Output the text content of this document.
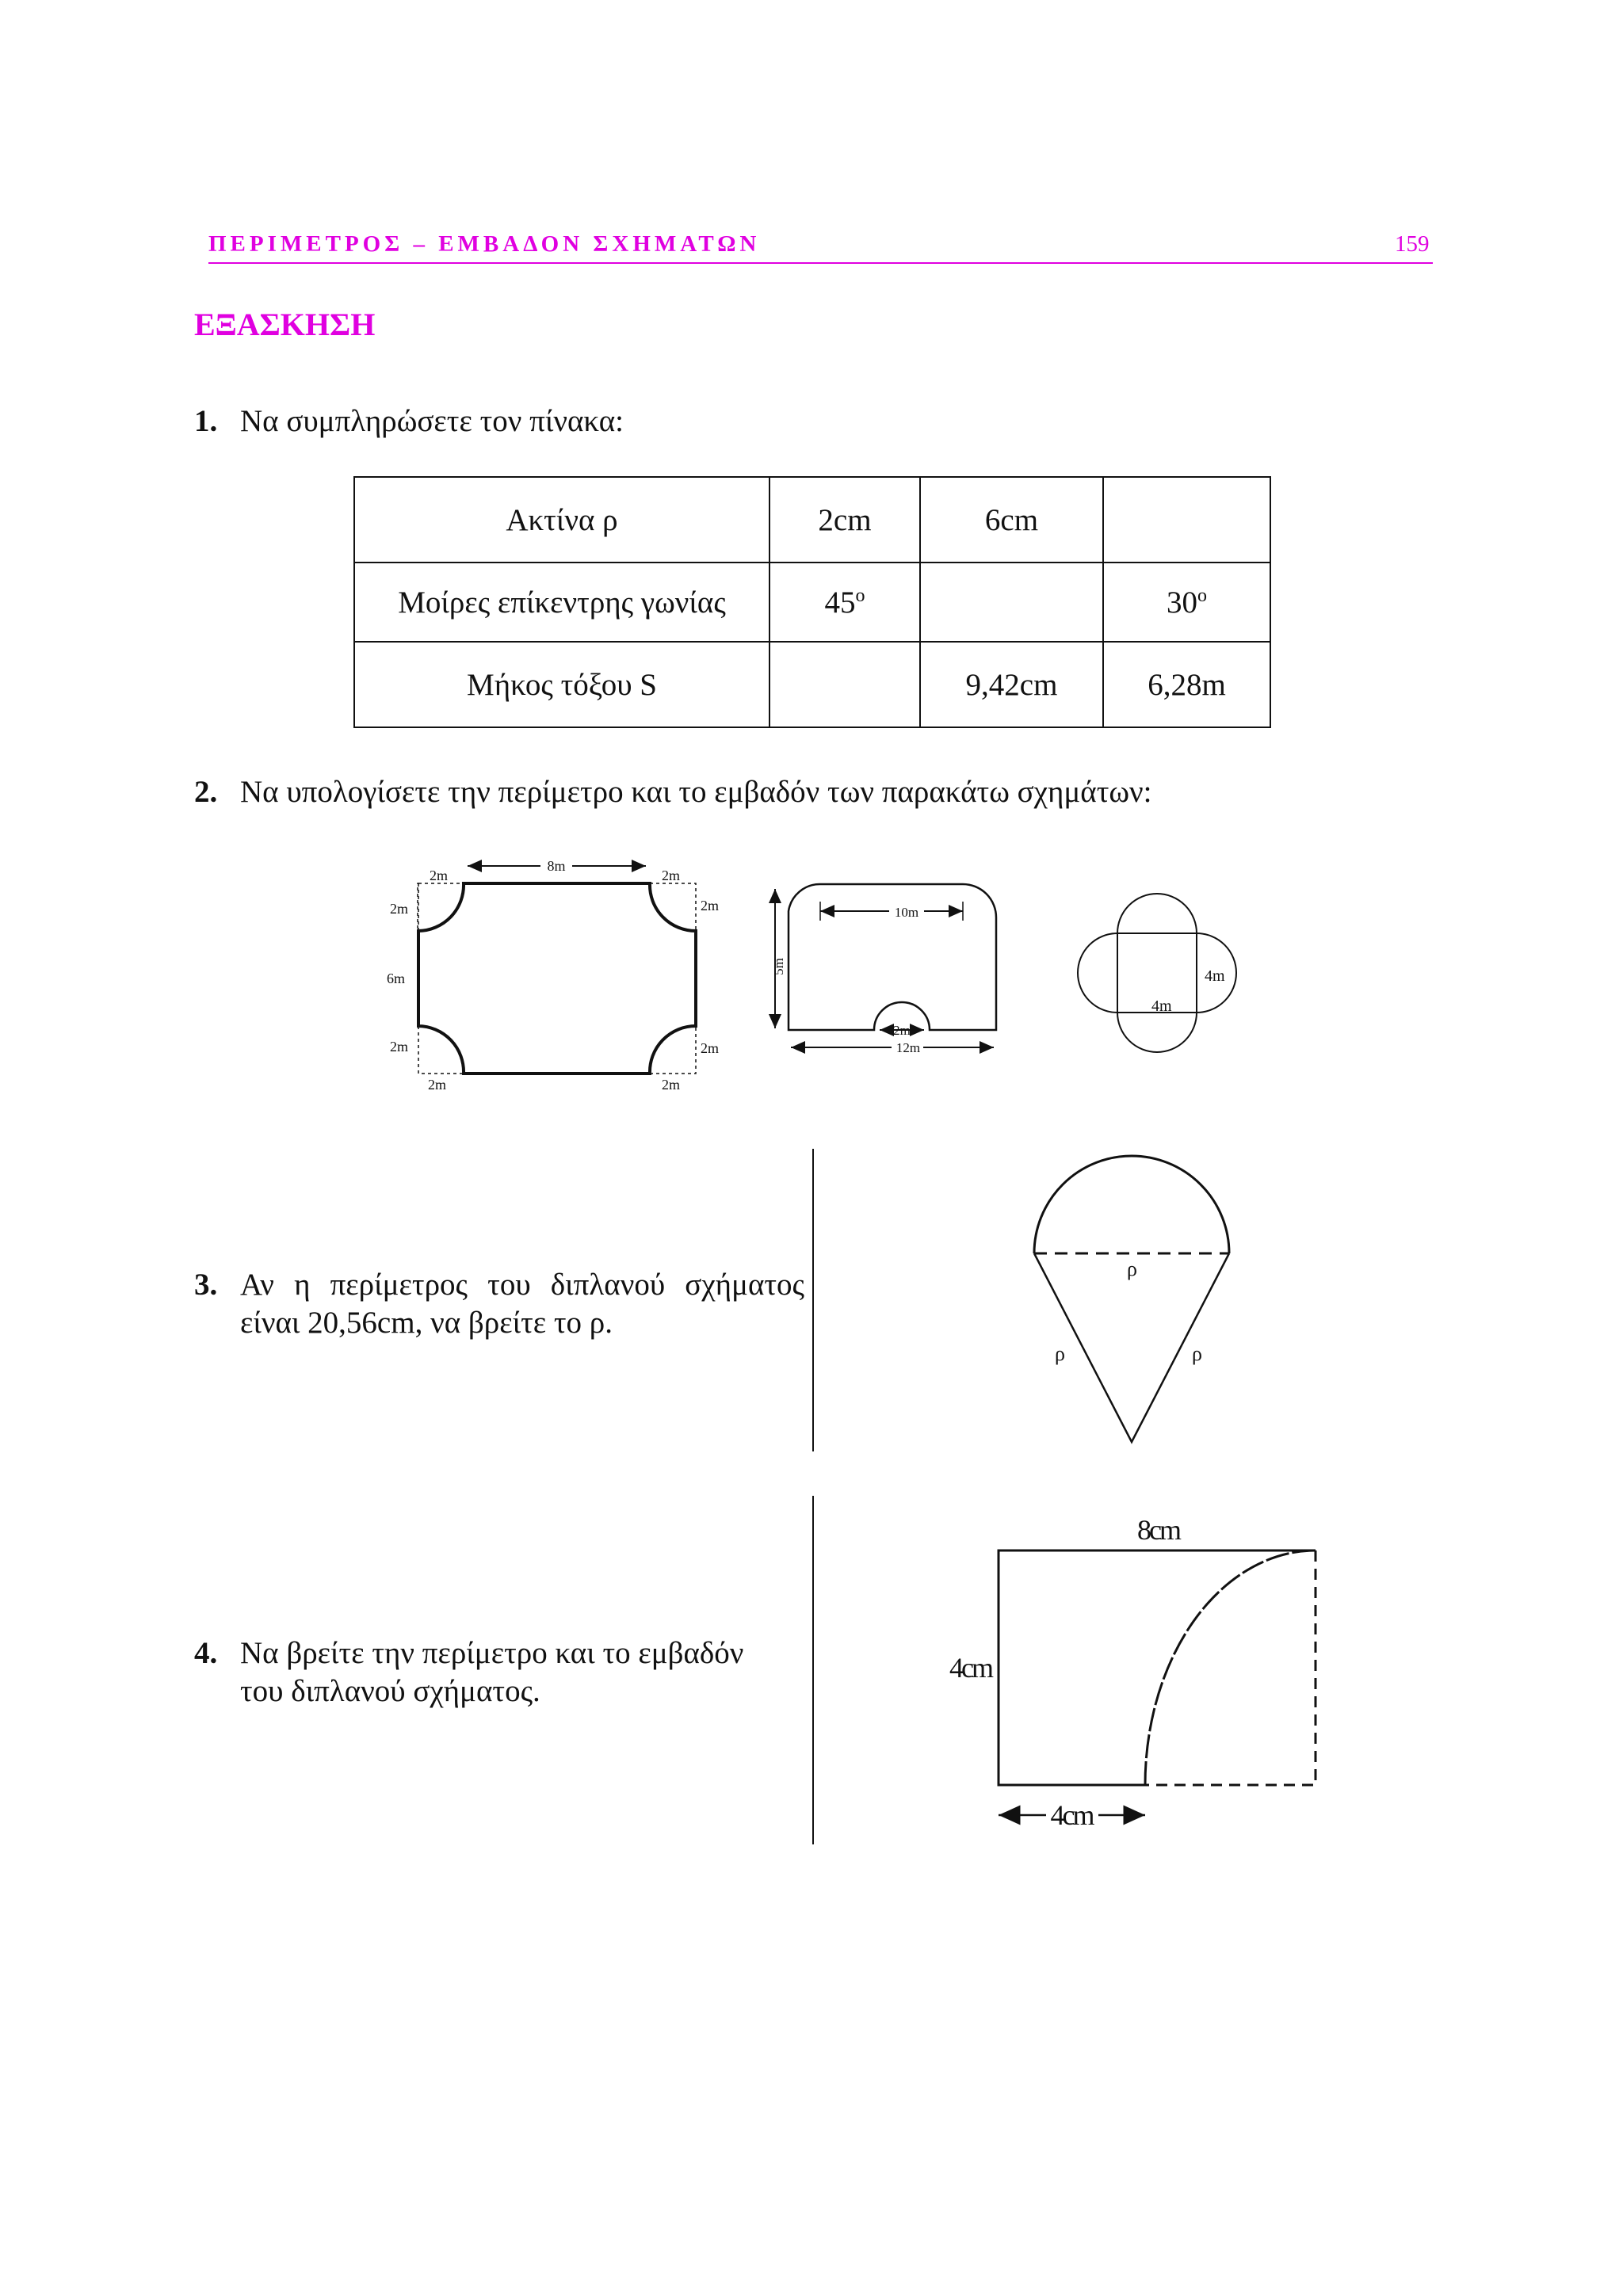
ΠΕΡΙΜΕΤΡΟΣ – ΕΜΒΑΔΟΝ ΣΧΗΜΑΤΩΝ	159
ΕΞΑΣΚΗΣΗ
1. Να συμπληρώσετε τον πίνακα:
Ακτίνα ρ	2cm	6cm	
Μοίρες επίκεντρης γωνίας	$45^o$		$30^o$
Μήκος τόξου S		9,42cm	6,28m
2. Να υπολογίσετε την περίμετρο και το εμβαδόν των παρακάτω σχημάτων:
8m
2m	2m
2m	2m
6m
2m	2m
2m	2m
10m
5m
2m
12m
4m
4m
3. Αν η περίμετρος του διπλανού σχήματος
είναι 20,56cm, να βρείτε το ρ.
ρ
ρ	ρ
4. Να βρείτε την περίμετρο και το εμβαδόν
του διπλανού σχήματος.
8cm
4cm
4cm
